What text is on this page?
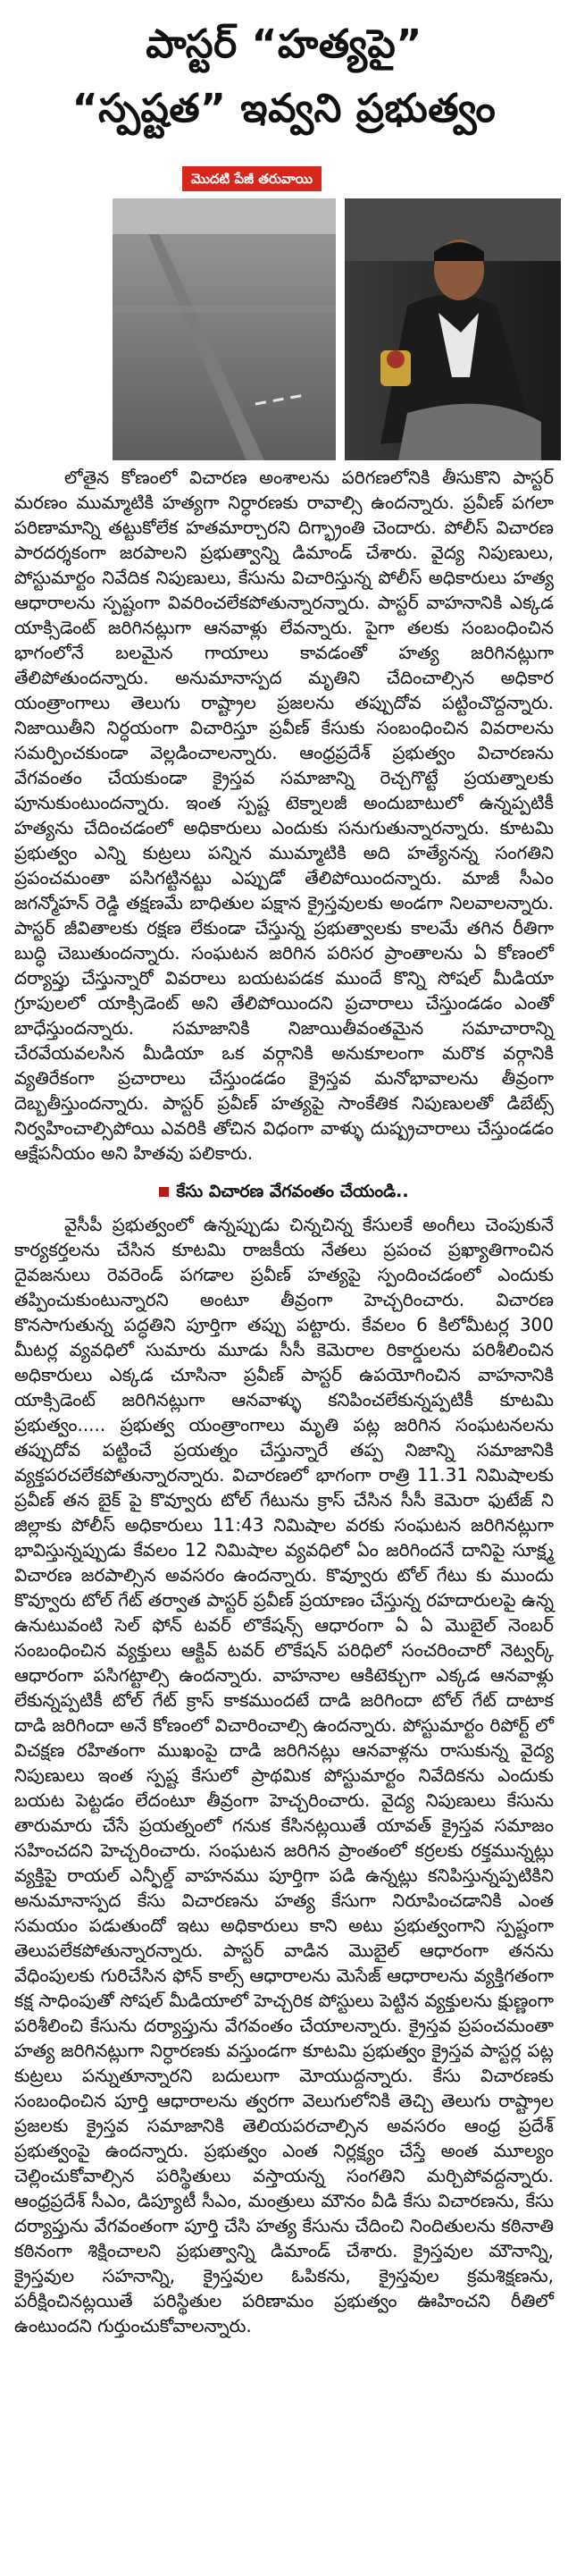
పాస్టర్ “హత్యపై”
“స్పష్టత” ఇవ్వని ప్రభుత్వం
మొదటి పేజీ తరువాయి

లోతైన కోణంలో విచారణ అంశాలను పరిగణలోనికి తీసుకొని పాస్టర్ మరణం ముమ్మాటికి హత్యగా నిర్ధారణకు రావాల్సి ఉందన్నారు. ప్రవీణ్ పగలా పరిణామాన్ని తట్టుకోలేక హతమార్చారని దిగ్భ్రాంతి చెందారు. పోలీస్ విచారణ పారదర్శకంగా జరపాలని ప్రభుత్వాన్ని డిమాండ్ చేశారు. వైద్య నిపుణులు, పోస్టుమార్టం నివేదిక నిపుణులు, కేసును విచారిస్తున్న పోలీస్ అధికారులు హత్య ఆధారాలను స్పష్టంగా వివరించలేకపోతున్నారన్నారు. పాస్టర్ వాహనానికి ఎక్కడ యాక్సిడెంట్ జరిగినట్లుగా ఆనవాళ్లు లేవన్నారు. పైగా తలకు సంబంధించిన భాగంలోనే బలమైన గాయాలు కావడంతో హత్య జరిగినట్లుగా తేలిపోతుందన్నారు. అనుమానాస్పద మృతిని చేదించాల్సిన అధికార యంత్రాంగాలు తెలుగు రాష్ట్రాల ప్రజలను తప్పుదోవ పట్టించొద్దన్నారు. నిజాయితీని నిర్ధయంగా విచారిస్తూ ప్రవీణ్ కేసుకు సంబంధించిన వివరాలను సమర్పించకుండా వెల్లడించాలన్నారు. ఆంధ్రప్రదేశ్ ప్రభుత్వం విచారణను వేగవంతం చేయకుండా క్రైస్తవ సమాజాన్ని రెచ్చగొట్టే ప్రయత్నాలకు పూనుకుంటుందన్నారు. ఇంత స్పష్ట టెక్నాలజీ అందుబాటులో ఉన్నప్పటికీ హత్యను చేదించడంలో అధికారులు ఎందుకు సనుగుతున్నారన్నారు. కూటమి ప్రభుత్వం ఎన్ని కుట్రలు పన్నిన ముమ్మాటికి అది హత్యేనన్న సంగతిని ప్రపంచమంతా పసిగట్టినట్టు ఎప్పుడో తేలిపోయిందన్నారు. మాజీ సీఎం జగన్మోహన్ రెడ్డి తక్షణమే బాధితుల పక్షాన క్రైస్తవులకు అండగా నిలవాలన్నారు. పాస్టర్ జీవితాలకు రక్షణ లేకుండా చేస్తున్న ప్రభుత్వాలకు కాలమే తగిన రీతిగా బుద్ధి చెబుతుందన్నారు. సంఘటన జరిగిన పరిసర ప్రాంతాలను ఏ కోణంలో దర్యాప్తు చేస్తున్నారో వివరాలు బయటపడక ముందే కొన్ని సోషల్ మీడియా గ్రూపులలో యాక్సిడెంట్ అని తేలిపోయిందని ప్రచారాలు చేస్తుండడం ఎంతో బాధేస్తుందన్నారు. సమాజానికి నిజాయితీవంతమైన సమాచారాన్ని చేరవేయవలసిన మీడియా ఒక వర్గానికి అనుకూలంగా మరొక వర్గానికి వ్యతిరేకంగా ప్రచారాలు చేస్తుండడం క్రైస్తవ మనోభావాలను తీవ్రంగా దెబ్బతీస్తుందన్నారు. పాస్టర్ ప్రవీణ్ హత్యపై సాంకేతిక నిపుణులతో డిబేట్స్ నిర్వహించాల్సిపోయి ఎవరికి తోచిన విధంగా వాళ్ళు దుష్ప్రచారాలు చేస్తుండడం ఆక్షేపనీయం అని హితవు పలికారు.

కేసు విచారణ వేగవంతం చేయండి..

వైసీపీ ప్రభుత్వంలో ఉన్నప్పుడు చిన్నచిన్న కేసులకే అంగీలు చెంపుకునే కార్యకర్తలను చేసిన కూటమి రాజకీయ నేతలు ప్రపంచ ప్రఖ్యాతిగాంచిన దైవజనులు రెవరెండ్ పగడాల ప్రవీణ్ హత్యపై స్పందించడంలో ఎందుకు తప్పించుకుంటున్నారని అంటూ తీవ్రంగా హెచ్చరించారు. విచారణ కొనసాగుతున్న పద్ధతిని పూర్తిగా తప్పు పట్టారు. కేవలం 6 కిలోమీటర్ల 300 మీటర్ల వ్యవధిలో సుమారు మూడు సీసీ కెమెరాల రికార్డులను పరిశీలించిన అధికారులు ఎక్కడ చూసినా ప్రవీణ్ పాస్టర్ ఉపయోగించిన వాహనానికి యాక్సిడెంట్ జరిగినట్లుగా ఆనవాళ్ళు కనిపించలేకున్నప్పటికీ కూటమి ప్రభుత్వం..... ప్రభుత్వ యంత్రాంగాలు మృతి పట్ల జరిగిన సంఘటనలను తప్పుదోవ పట్టించే ప్రయత్నం చేస్తున్నారే తప్ప నిజాన్ని సమాజానికి వ్యక్తపరచలేకపోతున్నారన్నారు. విచారణలో భాగంగా రాత్రి 11.31 నిమిషాలకు ప్రవీణ్ తన బైక్ పై కొవ్వూరు టోల్ గేటును క్రాస్ చేసిన సీసీ కెమెరా ఫుటేజ్ ని జిల్లాకు పోలీస్ అధికారులు 11:43 నిమిషాల వరకు సంఘటన జరిగినట్లుగా భావిస్తున్నప్పుడు కేవలం 12 నిమిషాల వ్యవధిలో ఏం జరిగిందనే దానిపై సూక్ష్మ విచారణ జరపాల్సిన అవసరం ఉందన్నారు. కొవ్వూరు టోల్ గేటు కు ముందు కొవ్వూరు టోల్ గేట్ తర్వాత పాస్టర్ ప్రవీణ్ ప్రయాణం చేస్తున్న రహదారులపై ఉన్న ఉనుటువంటి సెల్ ఫోన్ టవర్ లొకేషన్స్ ఆధారంగా ఏ ఏ మొబైల్ నెంబర్ సంబంధించిన వ్యక్తులు ఆక్టివ్ టవర్ లొకేషన్ పరిధిలో సంచరించారో నెట్వర్క్ ఆధారంగా పసిగట్టాల్సి ఉందన్నారు. వాహనాల ఆకిటెక్చుగా ఎక్కడ ఆనవాళ్లు లేకున్నప్పటికీ టోల్ గేట్ క్రాస్ కాకముందటే దాడి జరిగిందా టోల్ గేట్ దాటాక దాడి జరిగిందా అనే కోణంలో విచారించాల్సి ఉందన్నారు. పోస్టుమార్టం రిపోర్ట్ లో విచక్షణ రహితంగా ముఖంపై దాడి జరిగినట్లు ఆనవాళ్లను రాసుకున్న వైద్య నిపుణులు ఇంత స్పష్ట కేసులో ప్రాథమిక పోస్టుమార్టం నివేదికను ఎందుకు బయట పెట్టడం లేదంటూ తీవ్రంగా హెచ్చరించారు. వైద్య నిపుణులు కేసును తారుమారు చేసే ప్రయత్నంలో గనుక కేసినట్లయితే యావత్ క్రైస్తవ సమాజం సహించదని హెచ్చరించారు. సంఘటన జరిగిన ప్రాంతంలో కర్రలకు రక్తమున్నట్లు వ్యక్తిపై రాయల్ ఎన్ఫీల్డ్ వాహనము పూర్తిగా పడి ఉన్నట్లు కనిపిస్తున్నప్పటికిని అనుమానాస్పద కేసు విచారణను హత్య కేసుగా నిరూపించడానికి ఎంత సమయం పడుతుందో ఇటు అధికారులు కాని అటు ప్రభుత్వంగాని స్పష్టంగా తెలుపలేకపోతున్నారన్నారు. పాస్టర్ వాడిన మొబైల్ ఆధారంగా తనను వేధింపులకు గురిచేసిన ఫోన్ కాల్స్ ఆధారాలను మెసేజ్ ఆధారాలను వ్యక్తిగతంగా కక్ష సాధింపుతో సోషల్ మీడియాలో హెచ్చరిక పోస్టులు పెట్టిన వ్యక్తులను క్షుణ్ణంగా పరిశీలించి కేసును దర్యాప్తును వేగవంతం చేయాలన్నారు. క్రైస్తవ ప్రపంచమంతా హత్య జరిగినట్లుగా నిర్ధారణకు వస్తుండగా కూటమి ప్రభుత్వం క్రైస్తవ పాస్టర్ల పట్ల కుట్రలు పన్నుతూన్నారని బదులుగా మోయుద్దన్నారు. కేసు విచారణకు సంబంధించిన పూర్తి ఆధారాలను త్వరగా వెలుగులోనికి తెచ్చి తెలుగు రాష్ట్రాల ప్రజలకు క్రైస్తవ సమాజానికి తెలియపరచాల్సిన అవసరం ఆంధ్ర ప్రదేశ్ ప్రభుత్వంపై ఉందన్నారు. ప్రభుత్వం ఎంత నిర్లక్ష్యం చేస్తే అంత మూల్యం చెల్లించుకోవాల్సిన పరిస్థితులు వస్తాయన్న సంగతిని మర్చిపోవద్దన్నారు. ఆంధ్రప్రదేశ్ సీఎం, డిప్యూటీ సీఎం, మంత్రులు మౌనం వీడి కేసు విచారణను, కేసు దర్యాప్తును వేగవంతంగా పూర్తి చేసి హత్య కేసును చేదించి నిందితులను కఠినాతి కఠినంగా శిక్షించాలని ప్రభుత్వాన్ని డిమాండ్ చేశారు. క్రైస్తవుల మౌనాన్ని, క్రైస్తవుల సహనాన్ని, క్రైస్తవుల ఓపికను, క్రైస్తవుల క్రమశిక్షణను, పరీక్షించినట్లయితే పరిస్థితుల పరిణామం ప్రభుత్వం ఊహించని రీతిలో ఉంటుందని గుర్తుంచుకోవాలన్నారు.
